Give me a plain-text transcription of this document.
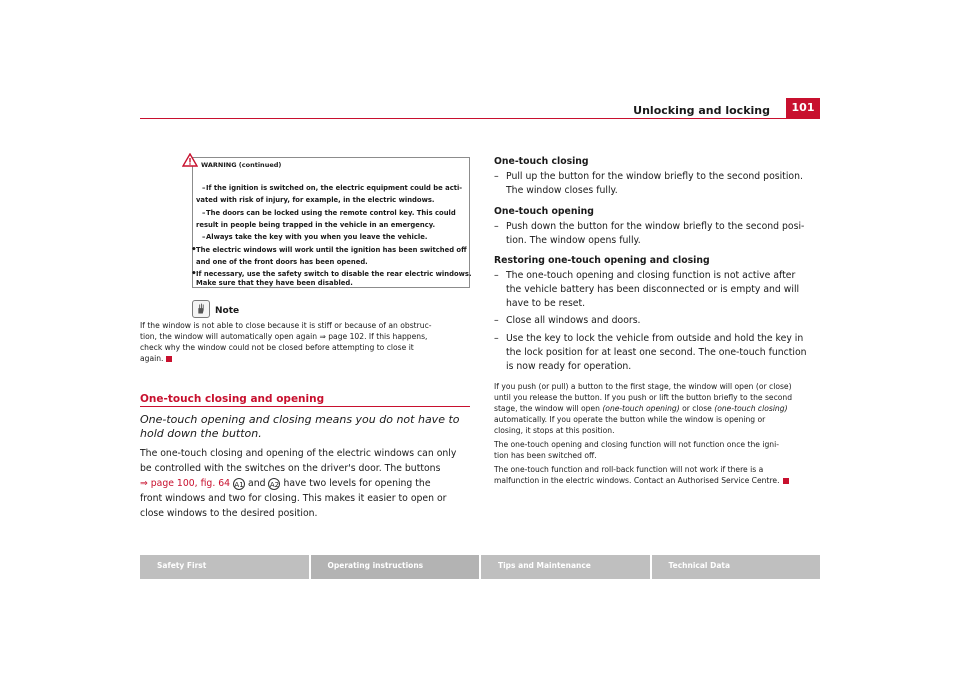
Unlocking and locking	101
WARNING (continued)
– If the ignition is switched on, the electric equipment could be acti-
vated with risk of injury, for example, in the electric windows.
– The doors can be locked using the remote control key. This could
result in people being trapped in the vehicle in an emergency.
– Always take the key with you when you leave the vehicle.
• The electric windows will work until the ignition has been switched off
and one of the front doors has been opened.
• If necessary, use the safety switch to disable the rear electric windows.
Make sure that they have been disabled.
Note
If the window is not able to close because it is stiff or because of an obstruc-
tion, the window will automatically open again ⇒ page 102. If this happens,
check why the window could not be closed before attempting to close it
again.
One-touch closing and opening
One-touch opening and closing means you do not have to
hold down the button.
The one-touch closing and opening of the electric windows can only
be controlled with the switches on the driver's door. The buttons
⇒ page 100, fig. 64 A1 and A2 have two levels for opening the
front windows and two for closing. This makes it easier to open or
close windows to the desired position.
One-touch closing
– Pull up the button for the window briefly to the second position.
The window closes fully.
One-touch opening
– Push down the button for the window briefly to the second posi-
tion. The window opens fully.
Restoring one-touch opening and closing
– The one-touch opening and closing function is not active after
the vehicle battery has been disconnected or is empty and will
have to be reset.
– Close all windows and doors.
– Use the key to lock the vehicle from outside and hold the key in
the lock position for at least one second. The one-touch function
is now ready for operation.
If you push (or pull) a button to the first stage, the window will open (or close)
until you release the button. If you push or lift the button briefly to the second
stage, the window will open (one-touch opening) or close (one-touch closing)
automatically. If you operate the button while the window is opening or
closing, it stops at this position.
The one-touch opening and closing function will not function once the igni-
tion has been switched off.
The one-touch function and roll-back function will not work if there is a
malfunction in the electric windows. Contact an Authorised Service Centre.
Safety First	Operating instructions	Tips and Maintenance	Technical Data
